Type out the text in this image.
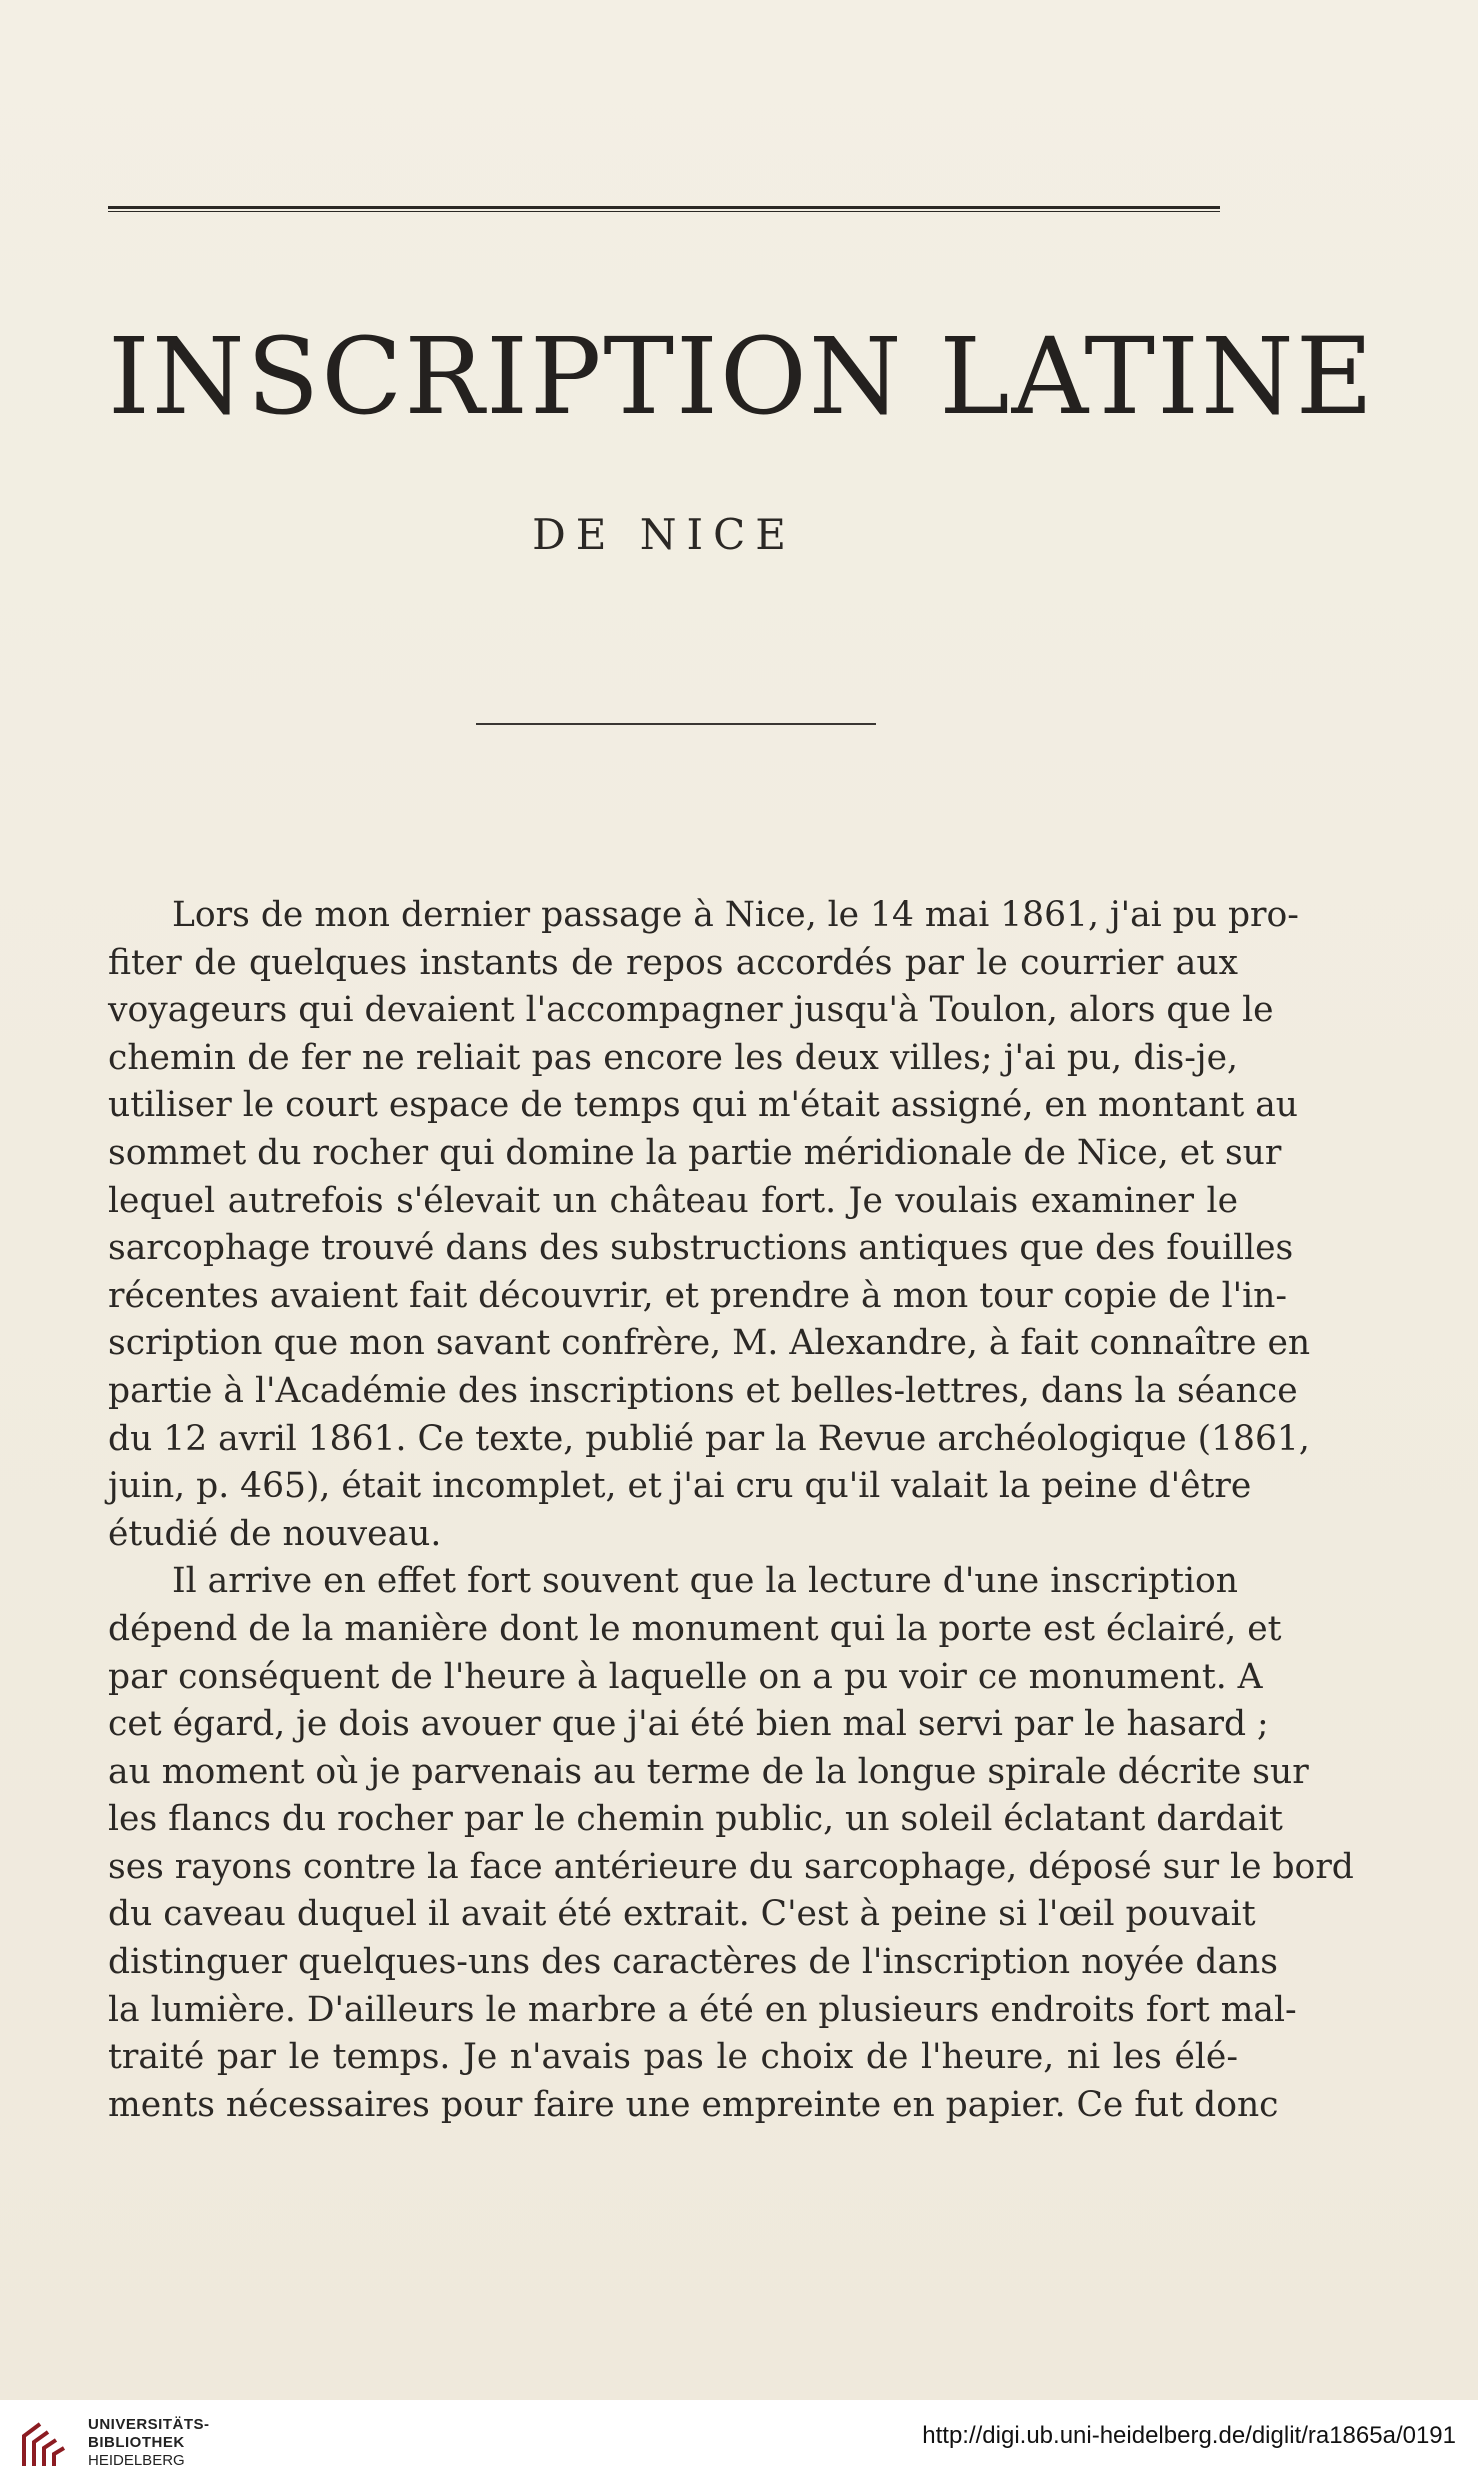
INSCRIPTION LATINE
DE NICE
Lors de mon dernier passage à Nice, le 14 mai 1861, j'ai pu pro-
fiter de quelques instants de repos accordés par le courrier aux
voyageurs qui devaient l'accompagner jusqu'à Toulon, alors que le
chemin de fer ne reliait pas encore les deux villes; j'ai pu, dis-je,
utiliser le court espace de temps qui m'était assigné, en montant au
sommet du rocher qui domine la partie méridionale de Nice, et sur
lequel autrefois s'élevait un château fort. Je voulais examiner le
sarcophage trouvé dans des substructions antiques que des fouilles
récentes avaient fait découvrir, et prendre à mon tour copie de l'in-
scription que mon savant confrère, M. Alexandre, à fait connaître en
partie à l'Académie des inscriptions et belles-lettres, dans la séance
du 12 avril 1861. Ce texte, publié par la Revue archéologique (1861,
juin, p. 465), était incomplet, et j'ai cru qu'il valait la peine d'être
étudié de nouveau.
Il arrive en effet fort souvent que la lecture d'une inscription
dépend de la manière dont le monument qui la porte est éclairé, et
par conséquent de l'heure à laquelle on a pu voir ce monument. A
cet égard, je dois avouer que j'ai été bien mal servi par le hasard ;
au moment où je parvenais au terme de la longue spirale décrite sur
les flancs du rocher par le chemin public, un soleil éclatant dardait
ses rayons contre la face antérieure du sarcophage, déposé sur le bord
du caveau duquel il avait été extrait. C'est à peine si l'œil pouvait
distinguer quelques-uns des caractères de l'inscription noyée dans
la lumière. D'ailleurs le marbre a été en plusieurs endroits fort mal-
traité par le temps. Je n'avais pas le choix de l'heure, ni les élé-
ments nécessaires pour faire une empreinte en papier. Ce fut donc
UNIVERSITÄTS-
BIBLIOTHEK
HEIDELBERG
http://digi.ub.uni-heidelberg.de/diglit/ra1865a/0191
